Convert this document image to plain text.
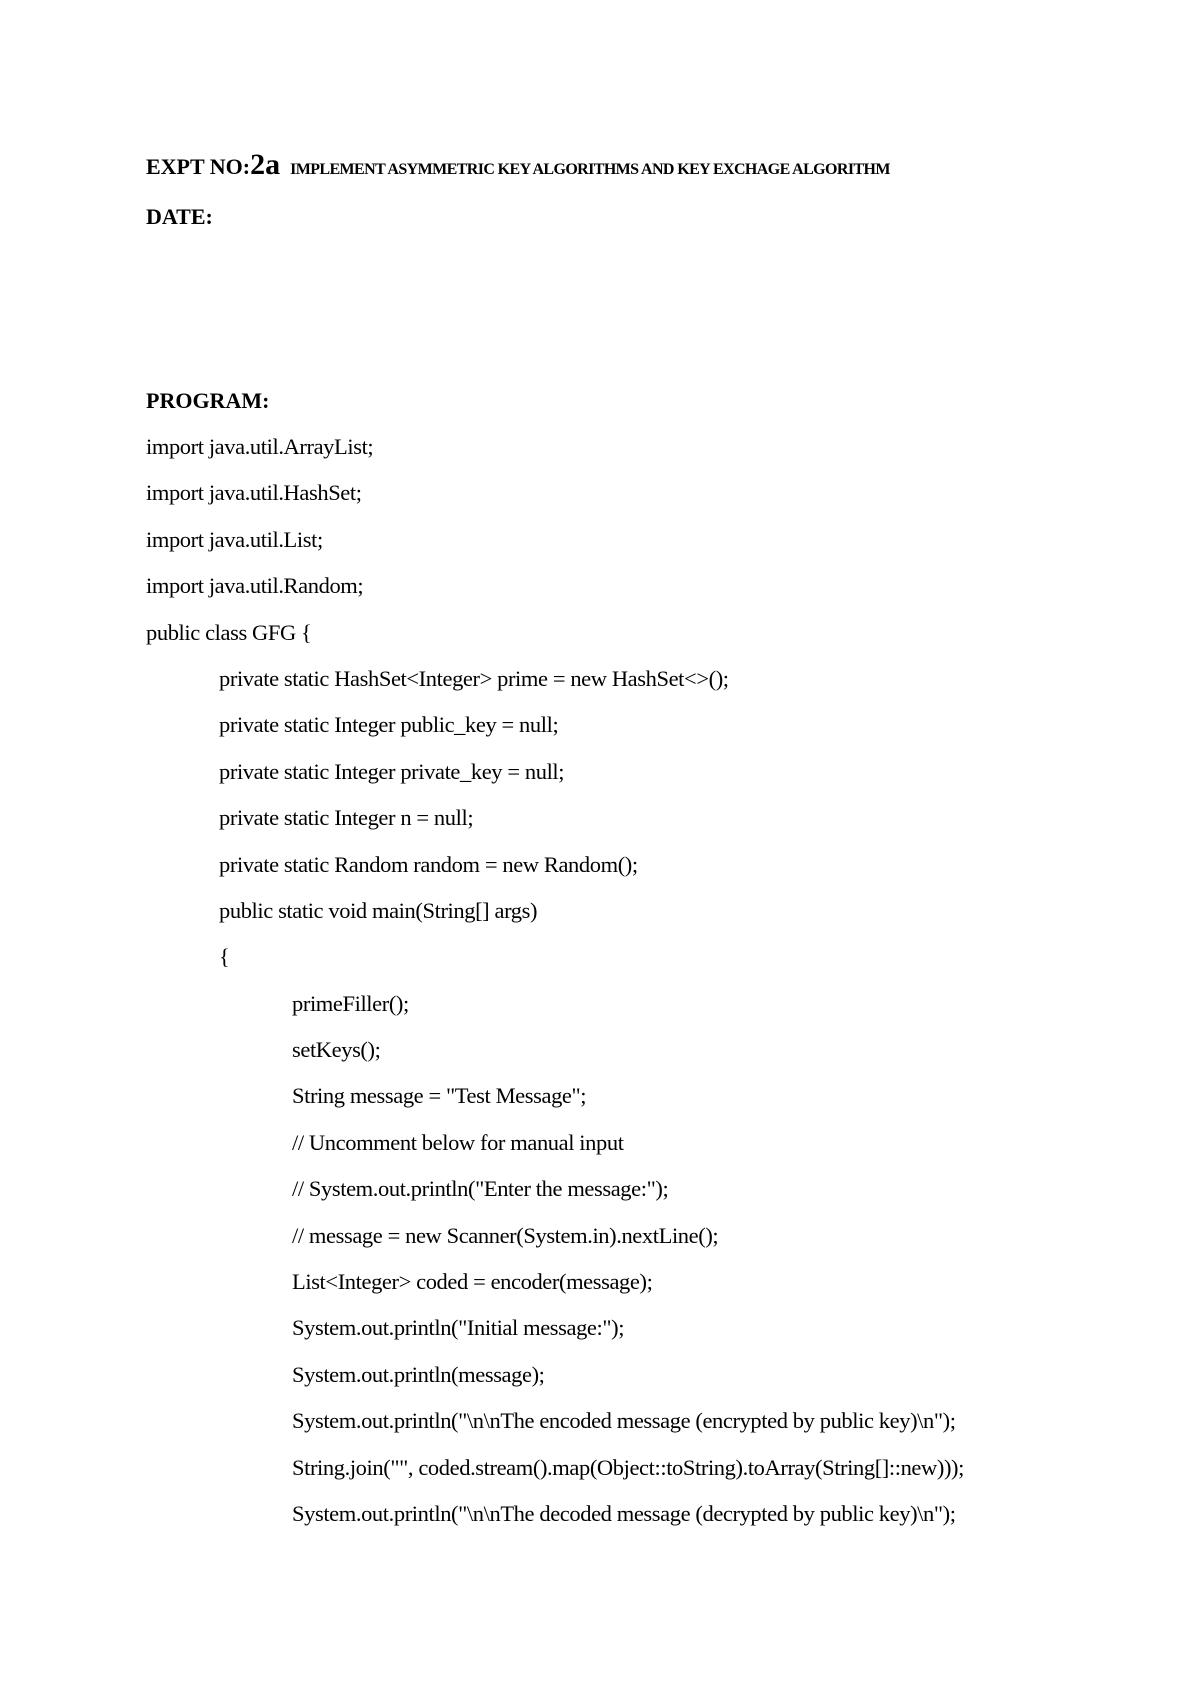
EXPT NO: 2a IMPLEMENT ASYMMETRIC KEY ALGORITHMS AND KEY EXCHAGE ALGORITHM
DATE:
PROGRAM:
import java.util.ArrayList;
import java.util.HashSet;
import java.util.List;
import java.util.Random;
public class GFG {
private static HashSet<Integer> prime = new HashSet<>();
private static Integer public_key = null;
private static Integer private_key = null;
private static Integer n = null;
private static Random random = new Random();
public static void main(String[] args)
{
primeFiller();
setKeys();
String message = "Test Message";
// Uncomment below for manual input
// System.out.println("Enter the message:");
// message = new Scanner(System.in).nextLine();
List<Integer> coded = encoder(message);
System.out.println("Initial message:");
System.out.println(message);
System.out.println("\n\nThe encoded message (encrypted by public key)\n");
String.join("", coded.stream().map(Object::toString).toArray(String[]::new)));
System.out.println("\n\nThe decoded message (decrypted by public key)\n");
